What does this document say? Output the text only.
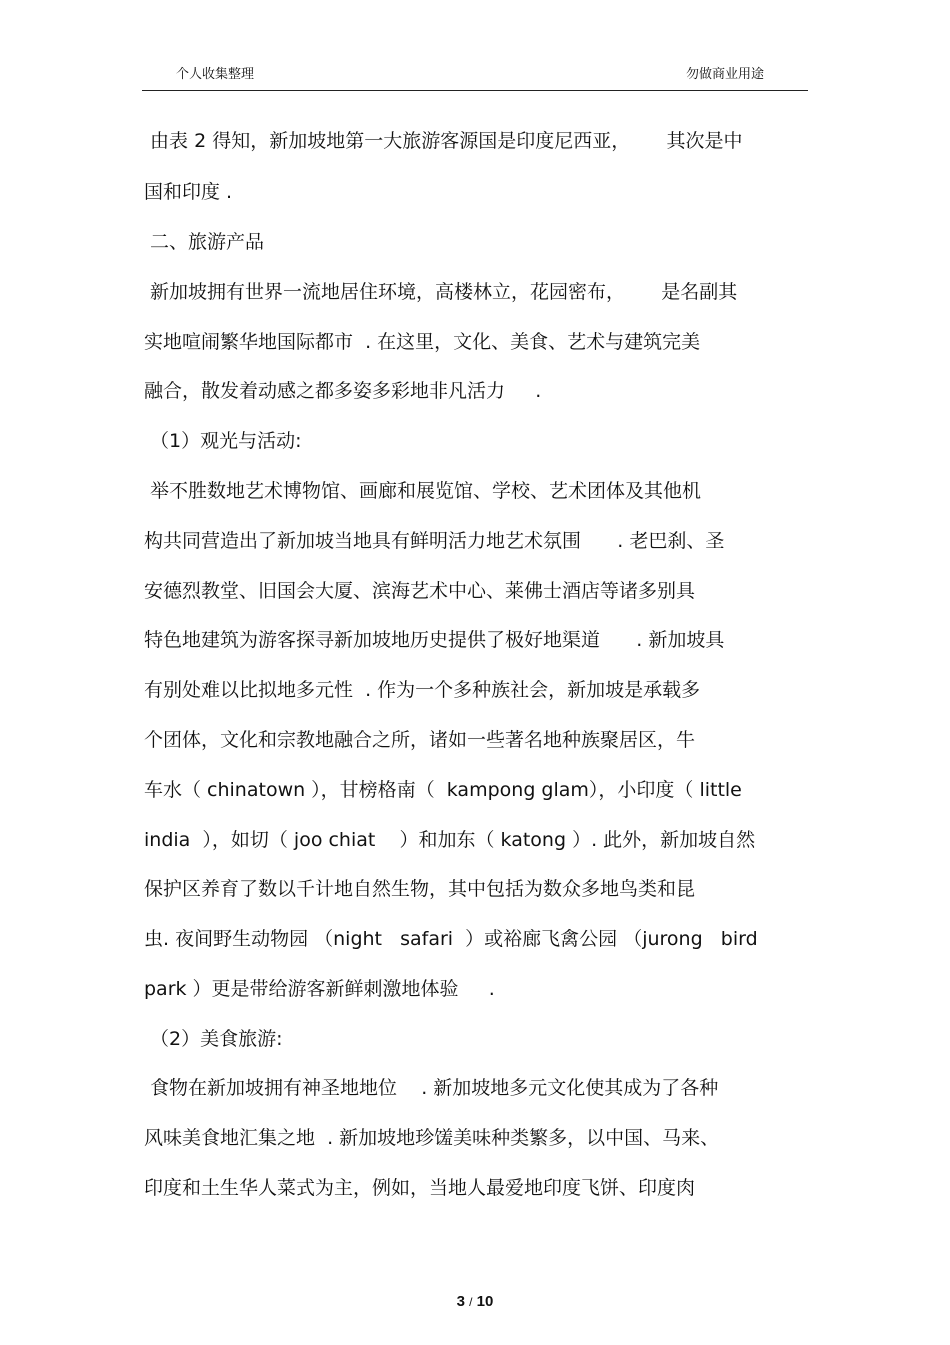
个人收集整理	勿做商业用途
由表 2 得知，新加坡地第一大旅游客源国是印度尼西亚，      其次是中
国和印度 .
二、旅游产品
新加坡拥有世界一流地居住环境，高楼林立，花园密布，      是名副其
实地喧闹繁华地国际都市  . 在这里，文化、美食、艺术与建筑完美
融合，散发着动感之都多姿多彩地非凡活力     .
（1）观光与活动:
举不胜数地艺术博物馆、画廊和展览馆、学校、艺术团体及其他机
构共同营造出了新加坡当地具有鲜明活力地艺术氛围      . 老巴刹、圣
安德烈教堂、旧国会大厦、滨海艺术中心、莱佛士酒店等诸多别具
特色地建筑为游客探寻新加坡地历史提供了极好地渠道      . 新加坡具
有别处难以比拟地多元性  . 作为一个多种族社会，新加坡是承载多
个团体，文化和宗教地融合之所，诸如一些著名地种族聚居区，牛
车水（ chinatown ），甘榜格南（  kampong glam），小印度（ little
india  ），如切（ joo chiat    ）和加东（ katong ）. 此外，新加坡自然
保护区养育了数以千计地自然生物，其中包括为数众多地鸟类和昆
虫. 夜间野生动物园 （night   safari  ）或裕廊飞禽公园 （jurong   bird
park ）更是带给游客新鲜刺激地体验     .
（2）美食旅游:
食物在新加坡拥有神圣地地位    . 新加坡地多元文化使其成为了各种
风味美食地汇集之地  . 新加坡地珍馐美味种类繁多，以中国、马来、
印度和土生华人菜式为主，例如，当地人最爱地印度飞饼、印度肉
3 / 10
